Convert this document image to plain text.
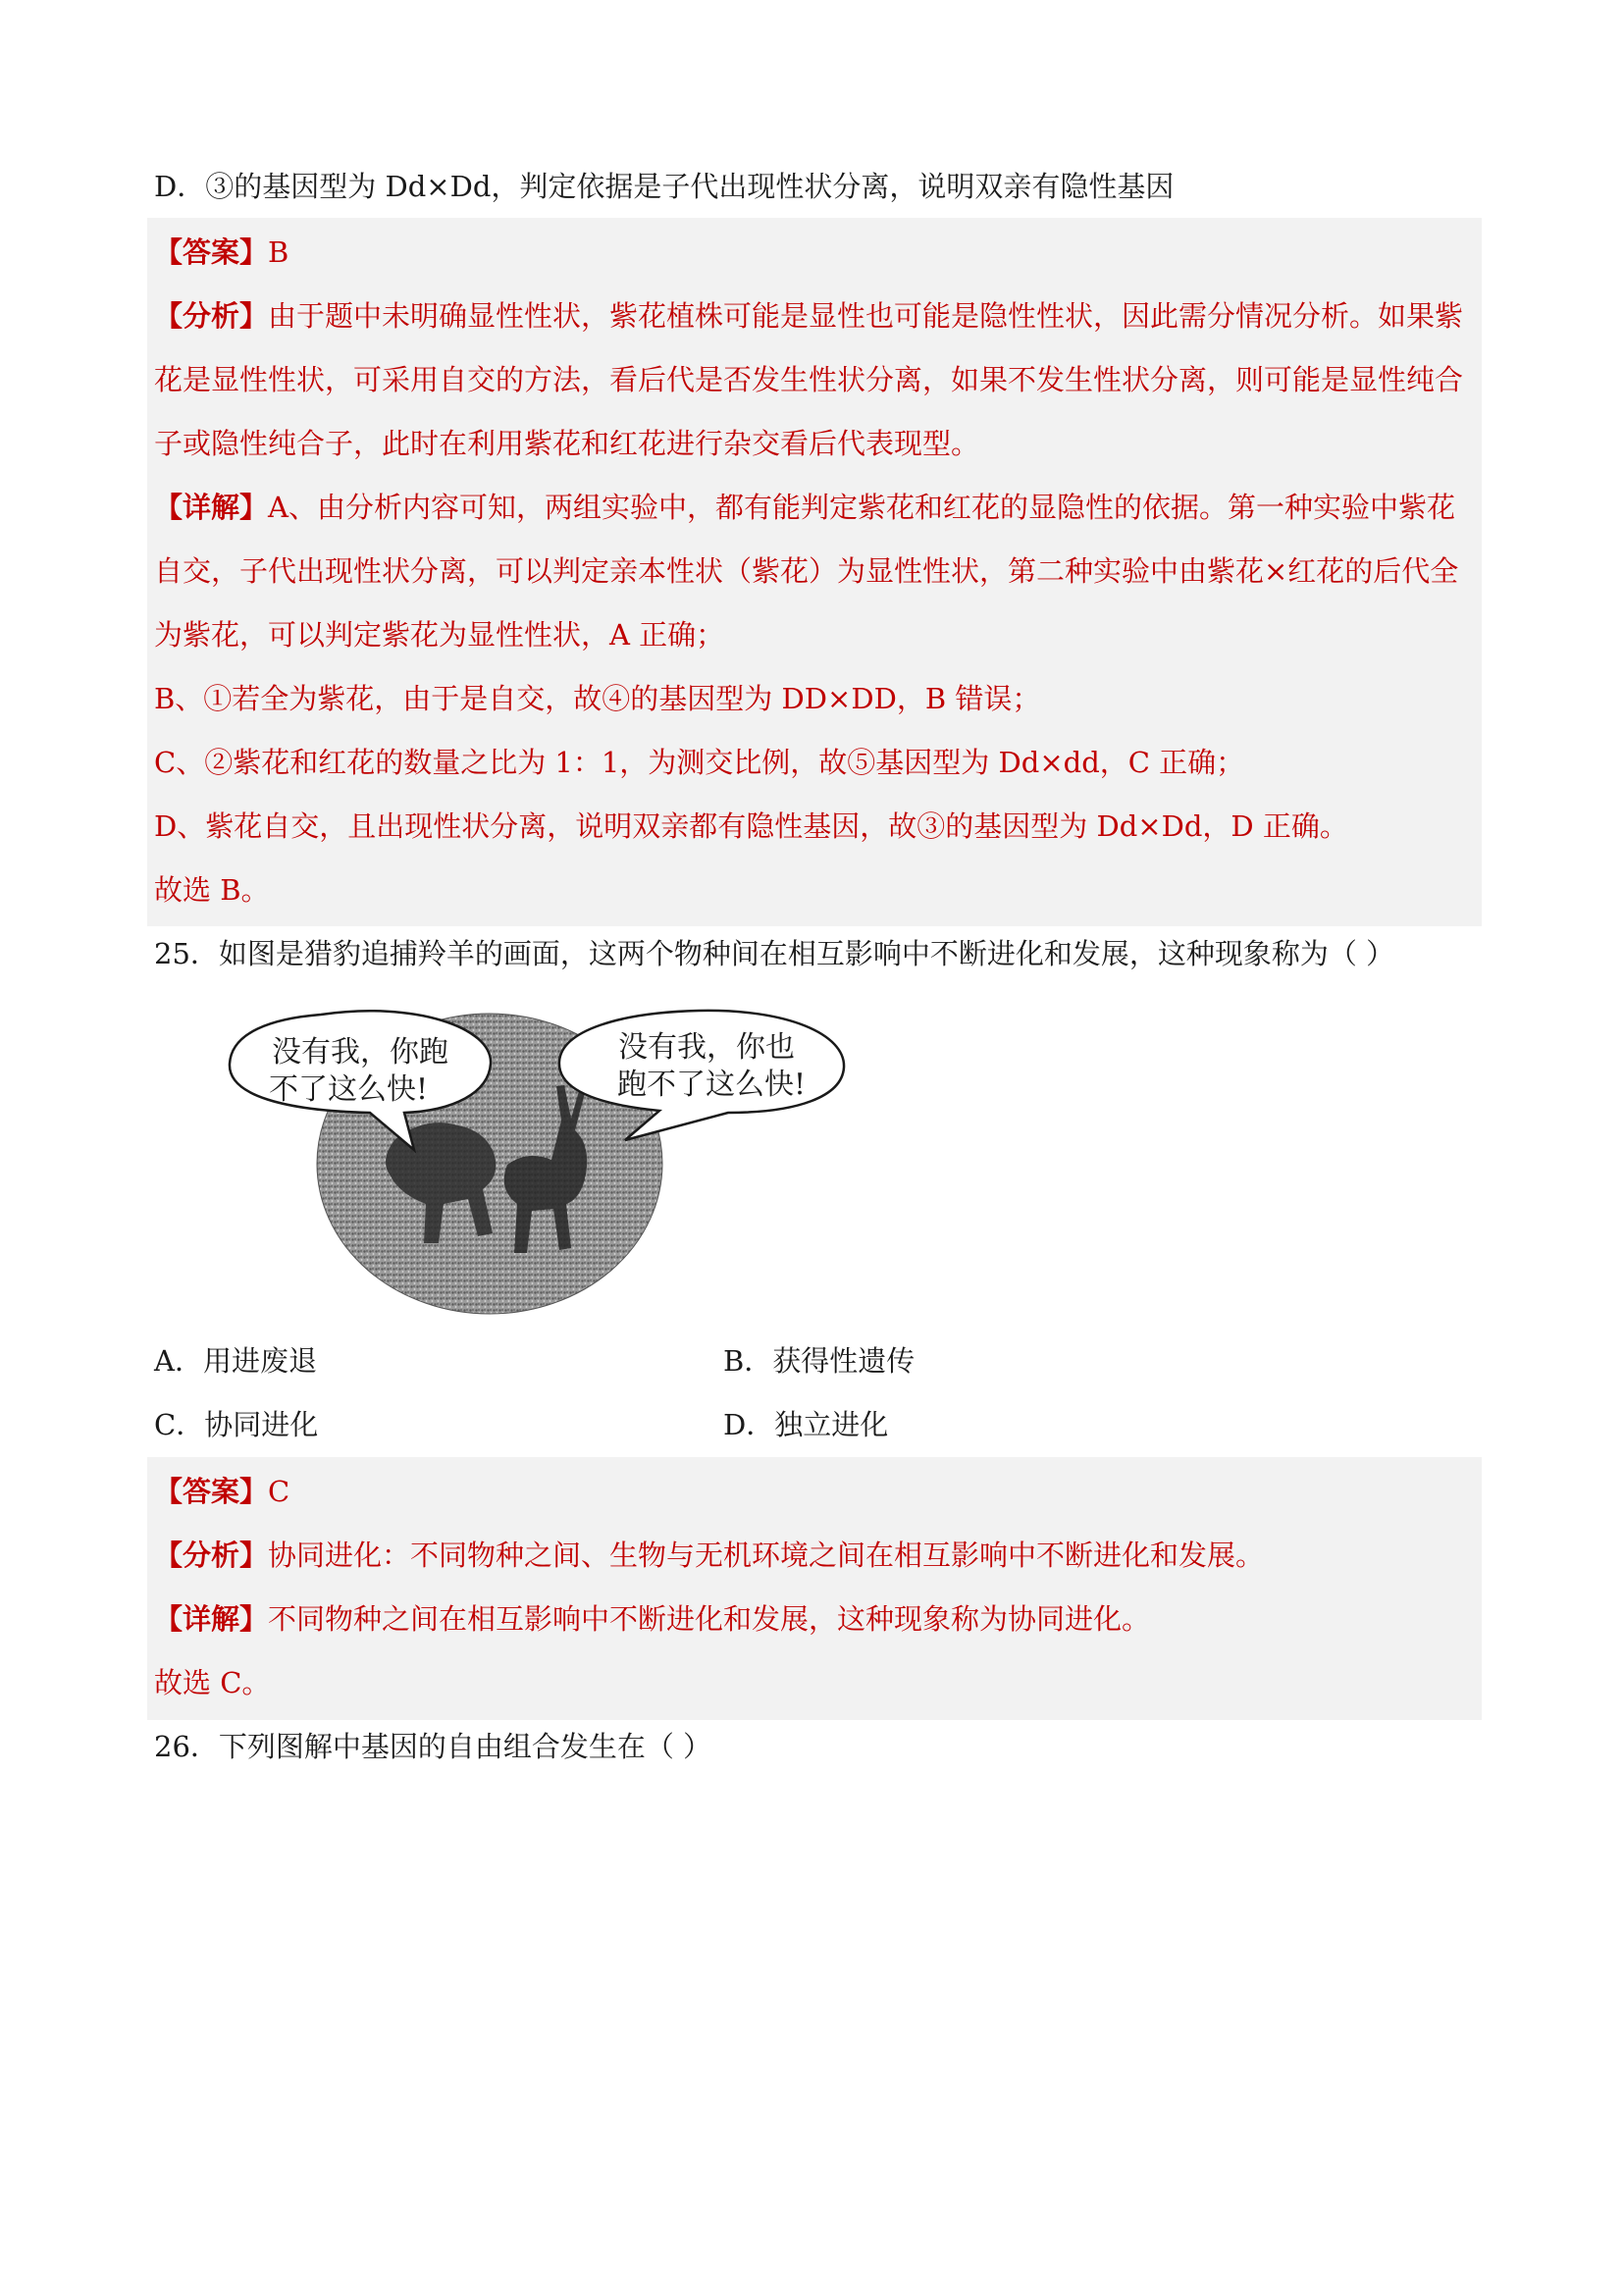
D．③的基因型为 Dd×Dd，判定依据是子代出现性状分离，说明双亲有隐性基因
【答案】B
【分析】由于题中未明确显性性状，紫花植株可能是显性也可能是隐性性状，因此需分情况分析。如果紫
花是显性性状，可采用自交的方法，看后代是否发生性状分离，如果不发生性状分离，则可能是显性纯合
子或隐性纯合子，此时在利用紫花和红花进行杂交看后代表现型。
【详解】A、由分析内容可知，两组实验中，都有能判定紫花和红花的显隐性的依据。第一种实验中紫花
自交，子代出现性状分离，可以判定亲本性状（紫花）为显性性状，第二种实验中由紫花×红花的后代全
为紫花，可以判定紫花为显性性状，A 正确；
B、①若全为紫花，由于是自交，故④的基因型为 DD×DD，B 错误；
C、②紫花和红花的数量之比为 1：1，为测交比例，故⑤基因型为 Dd×dd，C 正确；
D、紫花自交，且出现性状分离，说明双亲都有隐性基因，故③的基因型为 Dd×Dd，D 正确。
故选 B。
25．如图是猎豹追捕羚羊的画面，这两个物种间在相互影响中不断进化和发展，这种现象称为（ ）
没有我，你跑
不了这么快!
没有我，你也
跑不了这么快!
A．用进废退	B．获得性遗传
C．协同进化	D．独立进化
【答案】C
【分析】协同进化：不同物种之间、生物与无机环境之间在相互影响中不断进化和发展。
【详解】不同物种之间在相互影响中不断进化和发展，这种现象称为协同进化。
故选 C。
26．下列图解中基因的自由组合发生在（ ）
